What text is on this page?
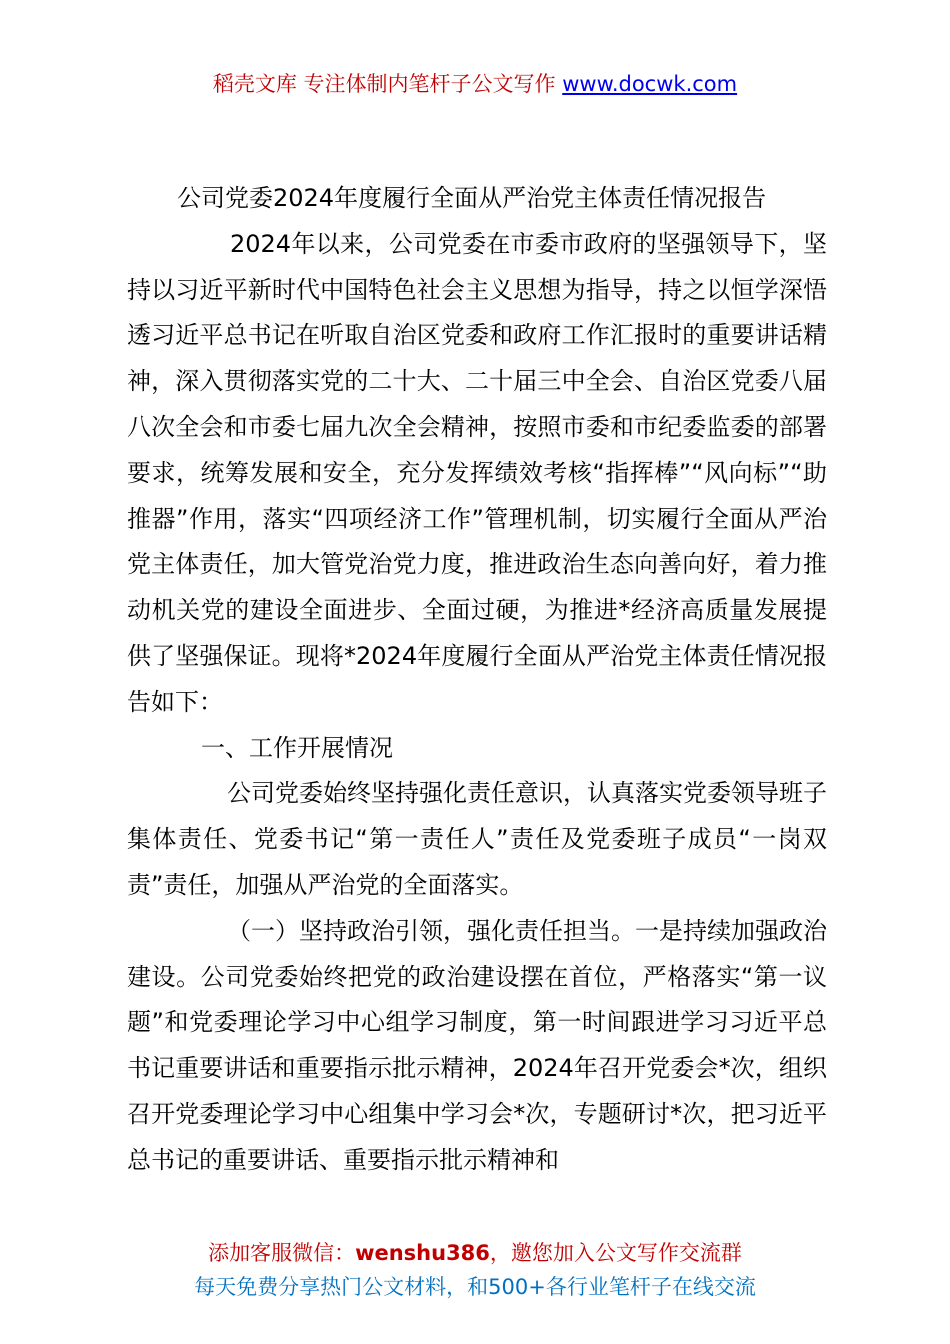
稻壳文库 专注体制内笔杆子公文写作 www.docwk.com
公司党委2024年度履行全面从严治党主体责任情况报告

2024年以来，公司党委在市委市政府的坚强领导下，坚持以习近平新时代中国特色社会主义思想为指导，持之以恒学深悟透习近平总书记在听取自治区党委和政府工作汇报时的重要讲话精神，深入贯彻落实党的二十大、二十届三中全会、自治区党委八届八次全会和市委七届九次全会精神，按照市委和市纪委监委的部署要求，统筹发展和安全，充分发挥绩效考核“指挥棒”“风向标”“助推器”作用，落实“四项经济工作”管理机制，切实履行全面从严治党主体责任，加大管党治党力度，推进政治生态向善向好，着力推动机关党的建设全面进步、全面过硬，为推进*经济高质量发展提供了坚强保证。现将*2024年度履行全面从严治党主体责任情况报告如下：

一、工作开展情况

公司党委始终坚持强化责任意识，认真落实党委领导班子集体责任、党委书记“第一责任人”责任及党委班子成员“一岗双责”责任，加强从严治党的全面落实。

（一）坚持政治引领，强化责任担当。一是持续加强政治建设。公司党委始终把党的政治建设摆在首位，严格落实“第一议题”和党委理论学习中心组学习制度，第一时间跟进学习习近平总书记重要讲话和重要指示批示精神，2024年召开党委会*次，组织召开党委理论学习中心组集中学习会*次，专题研讨*次，把习近平总书记的重要讲话、重要指示批示精神和

添加客服微信：wenshu386，邀您加入公文写作交流群
每天免费分享热门公文材料，和500+各行业笔杆子在线交流
